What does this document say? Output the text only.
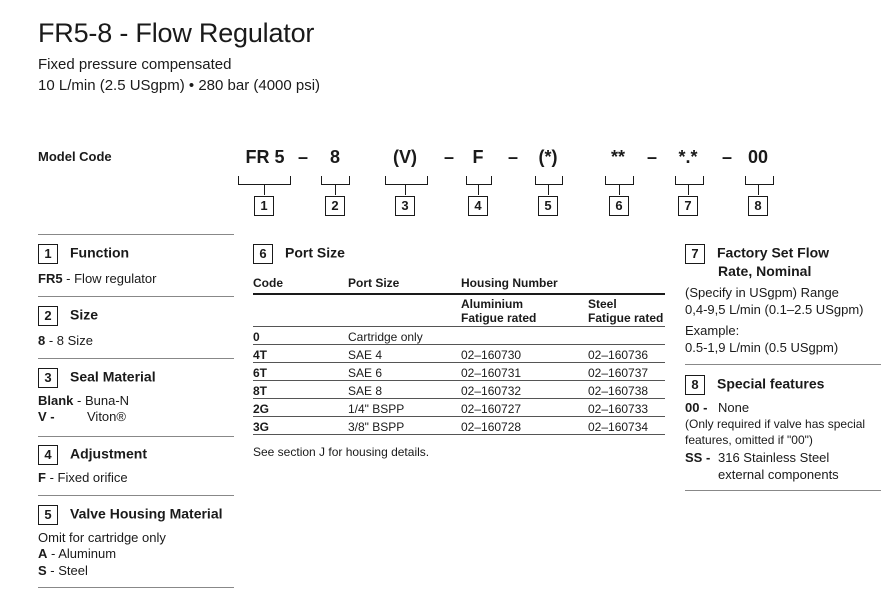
FR5-8 - Flow Regulator
Fixed pressure compensated
10 L/min (2.5 USgpm) • 280 bar (4000 psi)
Model Code	FR 5 – 8	(V) – F – (*)	** – *.* – 00
1	2	3	4	5	6	7	8
1 Function
FR5 - Flow regulator
2 Size
8 - 8 Size
3 Seal Material
Blank - Buna-N
V - Viton®
4 Adjustment
F - Fixed orifice
5 Valve Housing Material
Omit for cartridge only
A - Aluminum
S - Steel
6 Port Size
Code	Port Size	Housing Number
Aluminium
Fatigue rated
Steel
Fatigue rated
0	Cartridge only		
4T	SAE 4	02–160730	02–160736
6T	SAE 6	02–160731	02–160737
8T	SAE 8	02–160732	02–160738
2G	1/4" BSPP	02–160727	02–160733
3G	3/8" BSPP	02–160728	02–160734
See section J for housing details.
7 Factory Set Flow
Rate, Nominal
(Specify in USgpm) Range
0,4-9,5 L/min (0.1–2.5 USgpm)
Example:
0.5-1,9 L/min (0.5 USgpm)
8 Special features
00 - None
(Only required if valve has special
features, omitted if "00")
SS - 316 Stainless Steel
external components
